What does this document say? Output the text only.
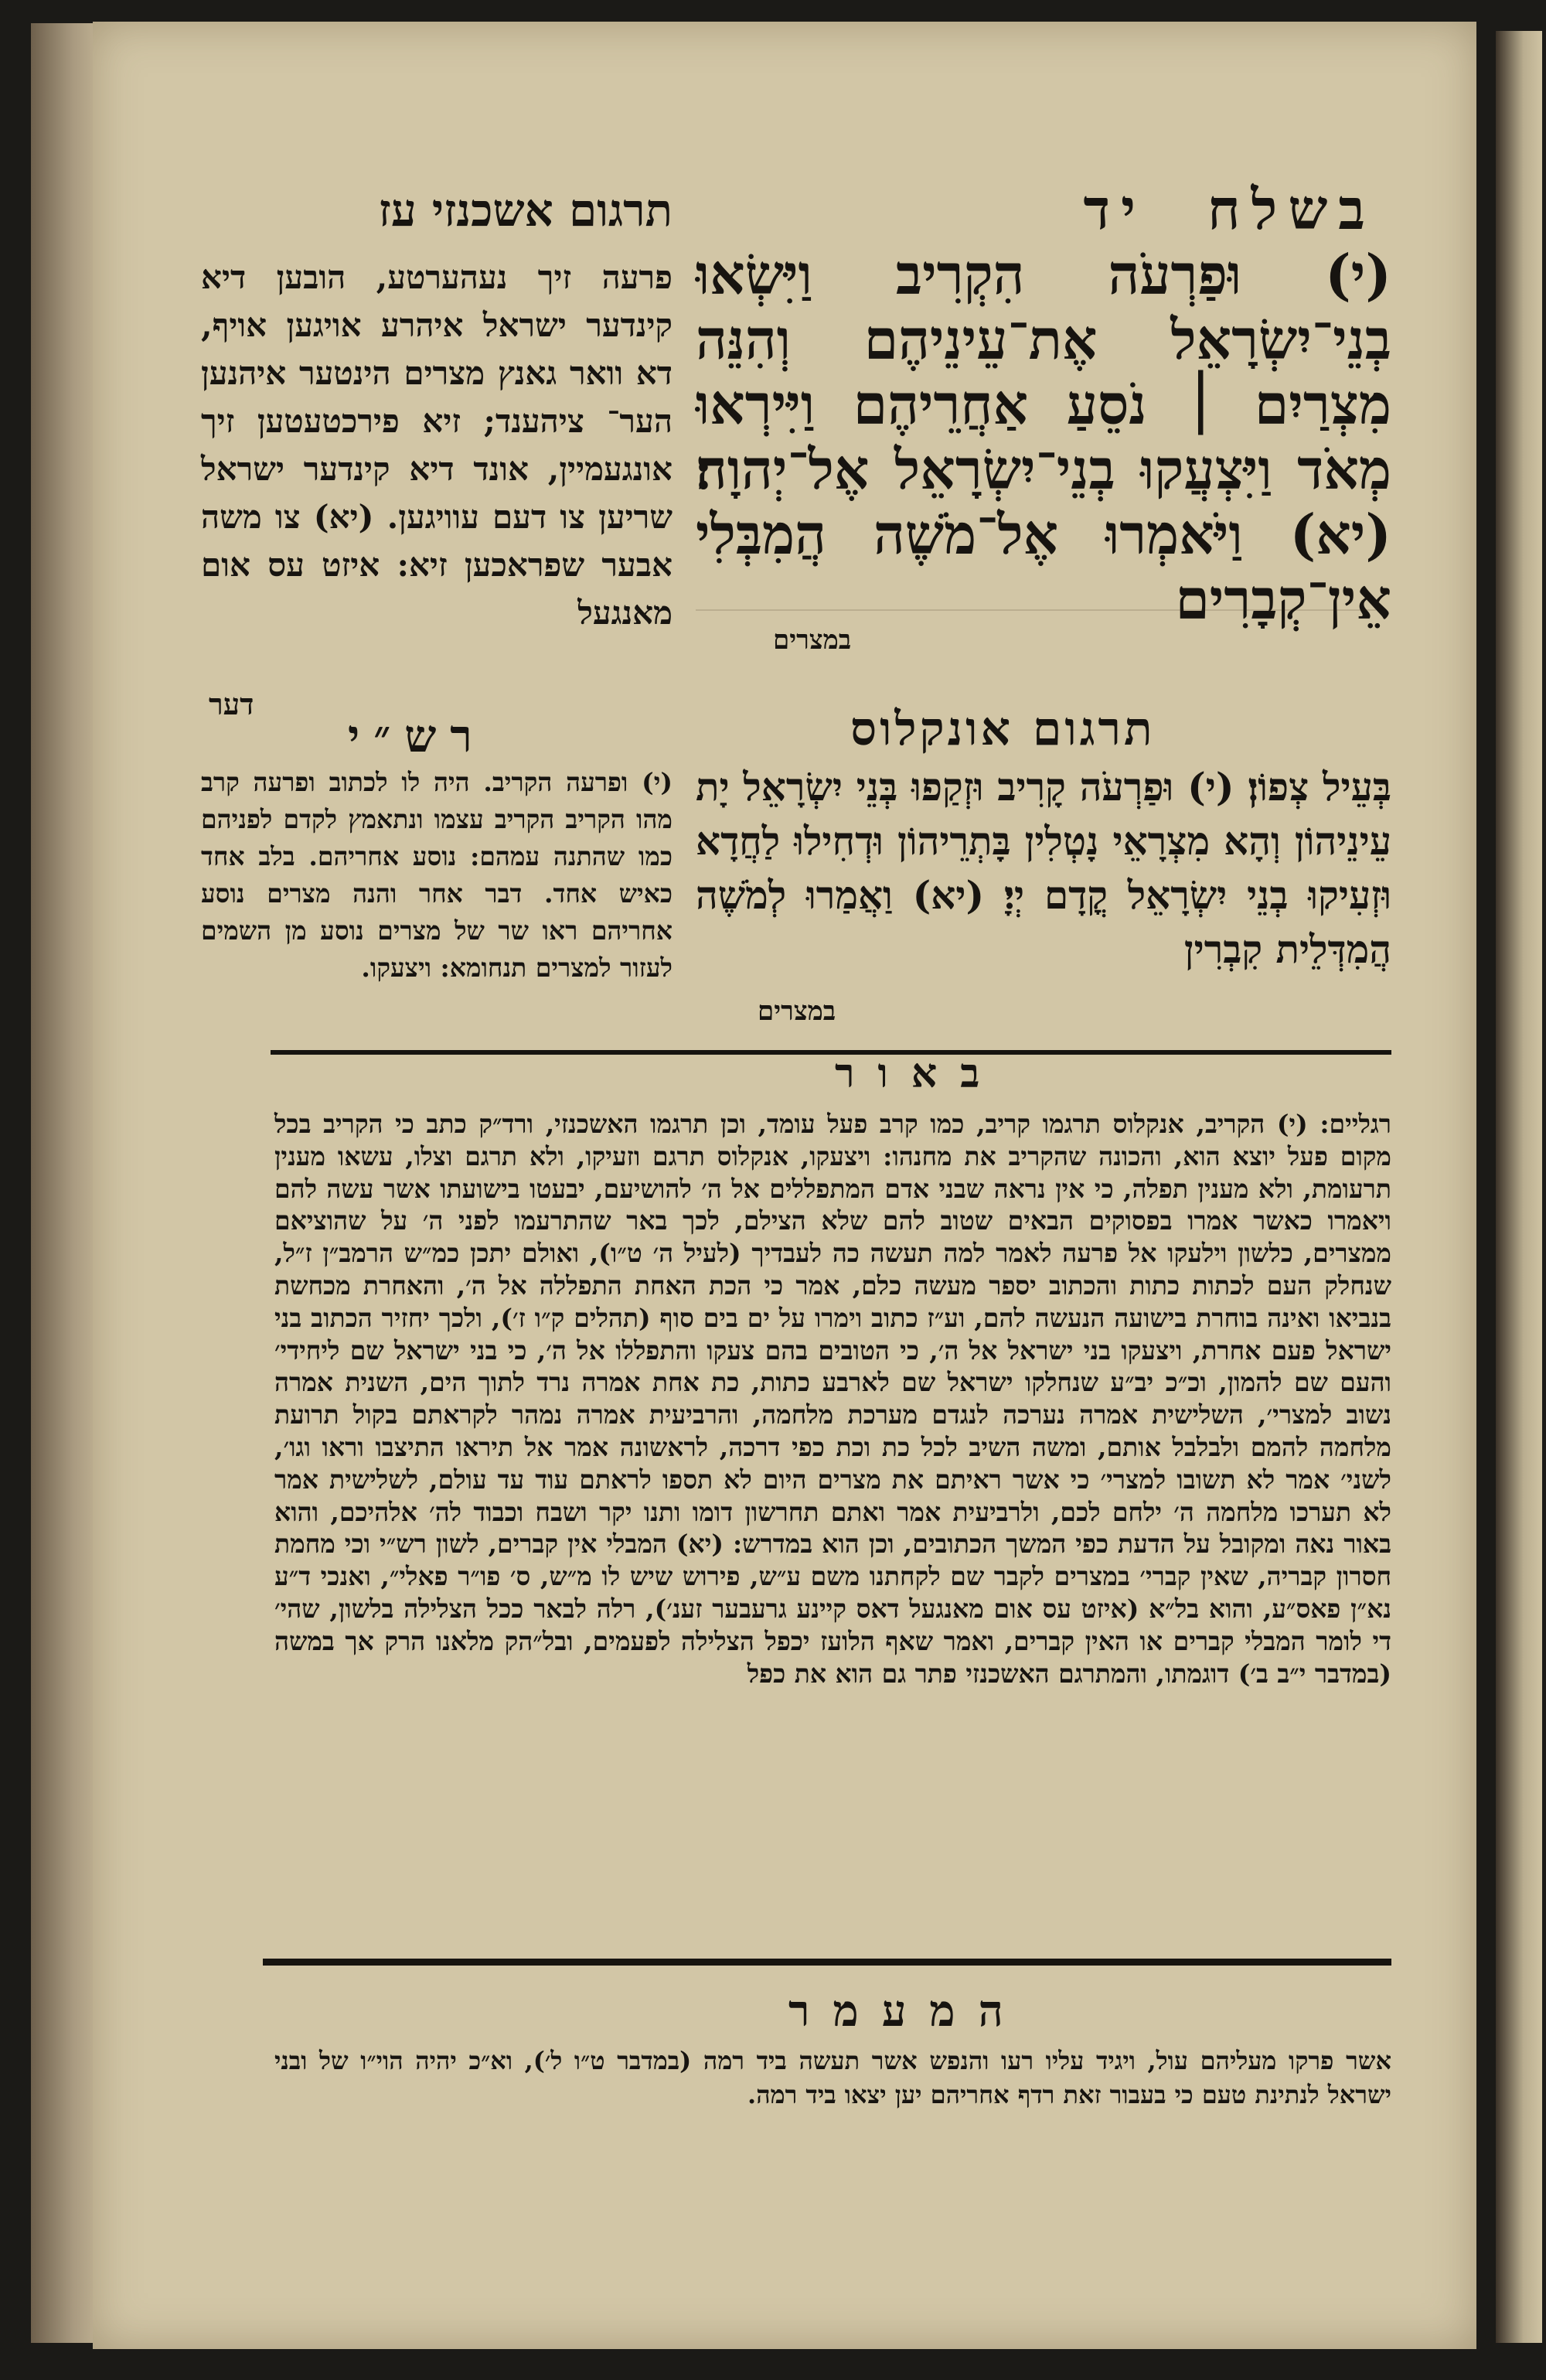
בשלח יד
תרגום אשכנזי עז
(י) וּפַרְעֹה הִקְרִיב וַיִּשְׂאוּ בְנֵי־יִשְׂרָאֵל אֶת־עֵינֵיהֶם וְהִנֵּה מִצְרַיִם ׀ נֹסֵעַ אַחֲרֵיהֶם וַיִּירְאוּ מְאֹד וַיִּצְעֲקוּ בְנֵי־יִשְׂרָאֵל אֶל־יְהוָה׃ (יא) וַיֹּאמְרוּ אֶל־מֹשֶׁה הֲמִבְּלִי אֵין־קְבָרִים
במצרים
פרעה זיך נעהערטע, הובען דיא קינדער ישראל איהרע אויגען אויף, דא וואר גאנץ מצרים הינטער איהנען הער־ ציהענד; זיא פירכטעטען זיך אונגעמיין, אונד דיא קינדער ישראל שריען צו דעם עוויגען. (יא) צו משה אבער שפראכען זיא: איזט עס אום מאנגעל
דער	תרגום אונקלוס
בְּעֵיל צְפוֹן׃ (י) וּפַרְעֹה קָרִיב וּזְקַפוּ בְּנֵי יִשְׂרָאֵל יָת עֵינֵיהוֹן וְהָא מִצְרָאֵי נָטְלִין בָּתְרֵיהוֹן וּדְחִילוּ לַחֲדָא וּזְעִיקוּ בְנֵי יִשְׂרָאֵל קֳדָם יְיָ׃ (יא) וַאֲמַרוּ לְמֹשֶׁה הֲמִדְּלֵית קִבְרִין
במצרים
רש״י
(י) ופרעה הקריב. היה לו לכתוב ופרעה קרב מהו הקריב הקריב עצמו ונתאמץ לקדם לפניהם כמו שהתנה עמהם: נוסע אחריהם. בלב אחד כאיש אחד. דבר אחר והנה מצרים נוסע אחריהם ראו שר של מצרים נוסע מן השמים לעזור למצרים תנחומא: ויצעקו.
באור
רגליים: (י) הקריב, אנקלוס תרגמו קריב, כמו קרב פעל עומד, וכן תרגמו האשכנזי, ורד״ק כתב כי הקריב בכל מקום פעל יוצא הוא, והכונה שהקריב את מחנהו: ויצעקו, אנקלוס תרגם וזעיקו, ולא תרגם וצלו, עשאו מענין תרעומת, ולא מענין תפלה, כי אין נראה שבני אדם המתפללים אל ה׳ להושיעם, יבעטו בישועתו אשר עשה להם ויאמרו כאשר אמרו בפסוקים הבאים שטוב להם שלא הצילם, לכך באר שהתרעמו לפני ה׳ על שהוציאם ממצרים, כלשון וילעקו אל פרעה לאמר למה תעשה כה לעבדיך (לעיל ה׳ ט״ו), ואולם יתכן כמ״ש הרמב״ן ז״ל, שנחלק העם לכתות כתות והכתוב יספר מעשה כלם, אמר כי הכת האחת התפללה אל ה׳, והאחרת מכחשת בנביאו ואינה בוחרת בישועה הנעשה להם, וע״ז כתוב וימרו על ים בים סוף (תהלים ק״ו ז׳), ולכך יחזיר הכתוב בני ישראל פעם אחרת, ויצעקו בני ישראל אל ה׳, כי הטובים בהם צעקו והתפללו אל ה׳, כי בני ישראל שם ליחידי׳ והעם שם להמון, וכ״כ יב״ע שנחלקו ישראל שם לארבע כתות, כת אחת אמרה נרד לתוך הים, השנית אמרה נשוב למצרי׳, השלישית אמרה נערכה לנגדם מערכת מלחמה, והרביעית אמרה נמהר לקראתם בקול תרועת מלחמה להמם ולבלבל אותם, ומשה השיב לכל כת וכת כפי דרכה, לראשונה אמר אל תיראו התיצבו וראו וגו׳, לשני׳ אמר לא תשובו למצרי׳ כי אשר ראיתם את מצרים היום לא תספו לראתם עוד עד עולם, לשלישית אמר לא תערכו מלחמה ה׳ ילחם לכם, ולרביעית אמר ואתם תחרשון דומו ותנו יקר ושבח וכבוד לה׳ אלהיכם, והוא באור נאה ומקובל על הדעת כפי המשך הכתובים, וכן הוא במדרש: (יא) המבלי אין קברים, לשון רש״י וכי מחמת חסרון קבריה, שאין קברי׳ במצרים לקבר שם לקחתנו משם ע״ש, פירוש שיש לו מ״ש, ס׳ פו״ר פאלי״, ואנכי ד״ע נא״ן פאס״ע, והוא בל״א (איזט עס אום מאנגעל דאס קיינע גרעבער זענ׳), רלה לבאר ככל הצלילה בלשון, שהי׳ די לומר המבלי קברים או האין קברים, ואמר שאף הלועז יכפל הצלילה לפעמים, ובל״הק מלאנו הרק אך במשה (במדבר י״ב ב׳) דוגמתו, והמתרגם האשכנזי פתר גם הוא את כפל
המעמר
אשר פרקו מעליהם עול, ויגיד עליו רעו והנפש אשר תעשה ביד רמה (במדבר ט״ו ל׳), וא״כ יהיה הוי״ו של ובני ישראל לנתינת טעם כי בעבור זאת רדף אחריהם יען יצאו ביד רמה.
